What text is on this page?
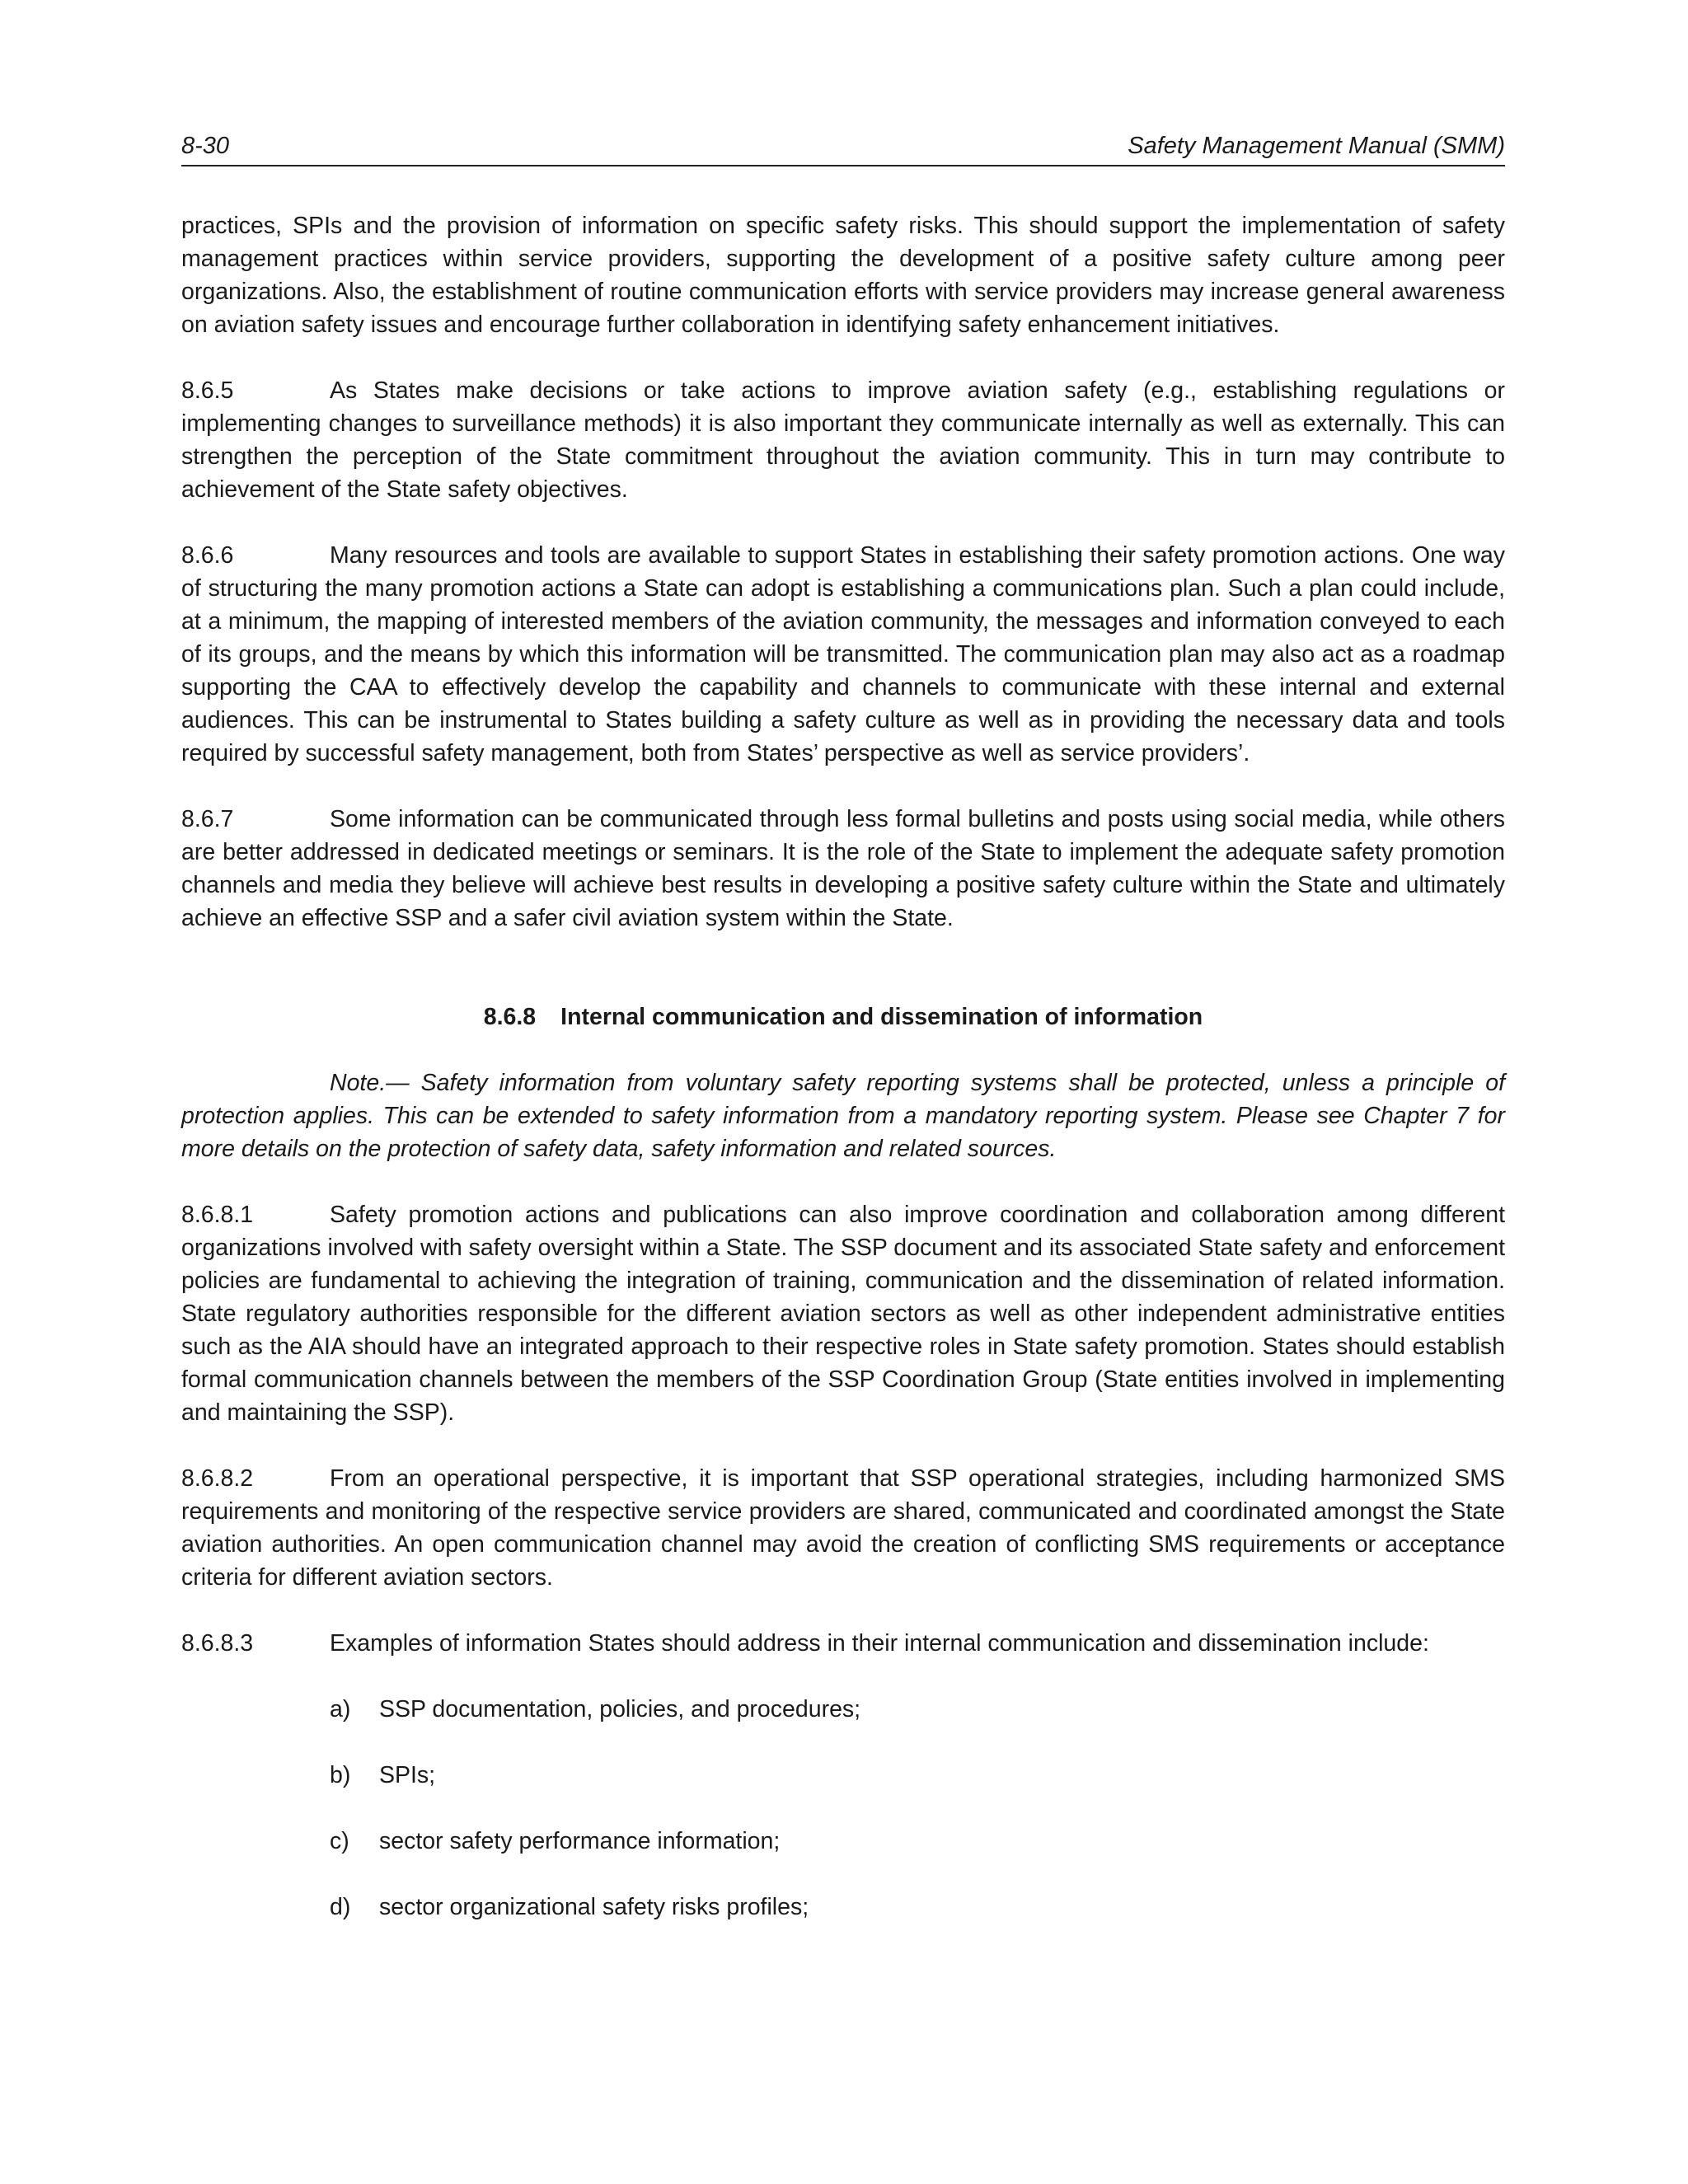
8-30	Safety Management Manual (SMM)

practices, SPIs and the provision of information on specific safety risks. This should support the implementation of safety management practices within service providers, supporting the development of a positive safety culture among peer organizations. Also, the establishment of routine communication efforts with service providers may increase general awareness on aviation safety issues and encourage further collaboration in identifying safety enhancement initiatives.

8.6.5	As States make decisions or take actions to improve aviation safety (e.g., establishing regulations or implementing changes to surveillance methods) it is also important they communicate internally as well as externally. This can strengthen the perception of the State commitment throughout the aviation community. This in turn may contribute to achievement of the State safety objectives.

8.6.6	Many resources and tools are available to support States in establishing their safety promotion actions. One way of structuring the many promotion actions a State can adopt is establishing a communications plan. Such a plan could include, at a minimum, the mapping of interested members of the aviation community, the messages and information conveyed to each of its groups, and the means by which this information will be transmitted. The communication plan may also act as a roadmap supporting the CAA to effectively develop the capability and channels to communicate with these internal and external audiences. This can be instrumental to States building a safety culture as well as in providing the necessary data and tools required by successful safety management, both from States’ perspective as well as service providers’.

8.6.7	Some information can be communicated through less formal bulletins and posts using social media, while others are better addressed in dedicated meetings or seminars. It is the role of the State to implement the adequate safety promotion channels and media they believe will achieve best results in developing a positive safety culture within the State and ultimately achieve an effective SSP and a safer civil aviation system within the State.

8.6.8 Internal communication and dissemination of information

Note.— Safety information from voluntary safety reporting systems shall be protected, unless a principle of protection applies. This can be extended to safety information from a mandatory reporting system. Please see Chapter 7 for more details on the protection of safety data, safety information and related sources.

8.6.8.1	Safety promotion actions and publications can also improve coordination and collaboration among different organizations involved with safety oversight within a State. The SSP document and its associated State safety and enforcement policies are fundamental to achieving the integration of training, communication and the dissemination of related information. State regulatory authorities responsible for the different aviation sectors as well as other independent administrative entities such as the AIA should have an integrated approach to their respective roles in State safety promotion. States should establish formal communication channels between the members of the SSP Coordination Group (State entities involved in implementing and maintaining the SSP).

8.6.8.2	From an operational perspective, it is important that SSP operational strategies, including harmonized SMS requirements and monitoring of the respective service providers are shared, communicated and coordinated amongst the State aviation authorities. An open communication channel may avoid the creation of conflicting SMS requirements or acceptance criteria for different aviation sectors.

8.6.8.3	Examples of information States should address in their internal communication and dissemination include:

a)	SSP documentation, policies, and procedures;
b)	SPIs;
c)	sector safety performance information;
d)	sector organizational safety risks profiles;
